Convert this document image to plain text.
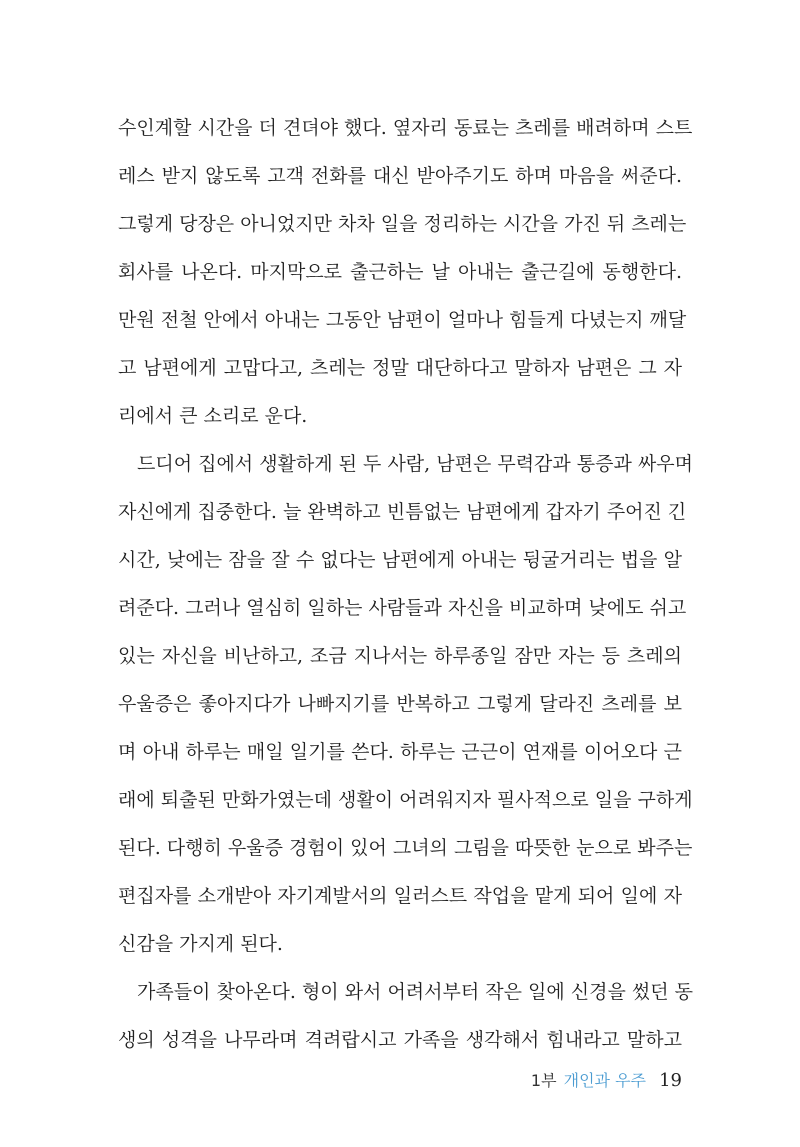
수인계할 시간을 더 견뎌야 했다. 옆자리 동료는 츠레를 배려하며 스트
레스 받지 않도록 고객 전화를 대신 받아주기도 하며 마음을 써준다.
그렇게 당장은 아니었지만 차차 일을 정리하는 시간을 가진 뒤 츠레는
회사를 나온다. 마지막으로 출근하는 날 아내는 출근길에 동행한다.
만원 전철 안에서 아내는 그동안 남편이 얼마나 힘들게 다녔는지 깨달
고 남편에게 고맙다고, 츠레는 정말 대단하다고 말하자 남편은 그 자
리에서 큰 소리로 운다.
드디어 집에서 생활하게 된 두 사람, 남편은 무력감과 통증과 싸우며
자신에게 집중한다. 늘 완벽하고 빈틈없는 남편에게 갑자기 주어진 긴
시간, 낮에는 잠을 잘 수 없다는 남편에게 아내는 뒹굴거리는 법을 알
려준다. 그러나 열심히 일하는 사람들과 자신을 비교하며 낮에도 쉬고
있는 자신을 비난하고, 조금 지나서는 하루종일 잠만 자는 등 츠레의
우울증은 좋아지다가 나빠지기를 반복하고 그렇게 달라진 츠레를 보
며 아내 하루는 매일 일기를 쓴다. 하루는 근근이 연재를 이어오다 근
래에 퇴출된 만화가였는데 생활이 어려워지자 필사적으로 일을 구하게
된다. 다행히 우울증 경험이 있어 그녀의 그림을 따뜻한 눈으로 봐주는
편집자를 소개받아 자기계발서의 일러스트 작업을 맡게 되어 일에 자
신감을 가지게 된다.
가족들이 찾아온다. 형이 와서 어려서부터 작은 일에 신경을 썼던 동
생의 성격을 나무라며 격려랍시고 가족을 생각해서 힘내라고 말하고
1부 개인과 우주 19
